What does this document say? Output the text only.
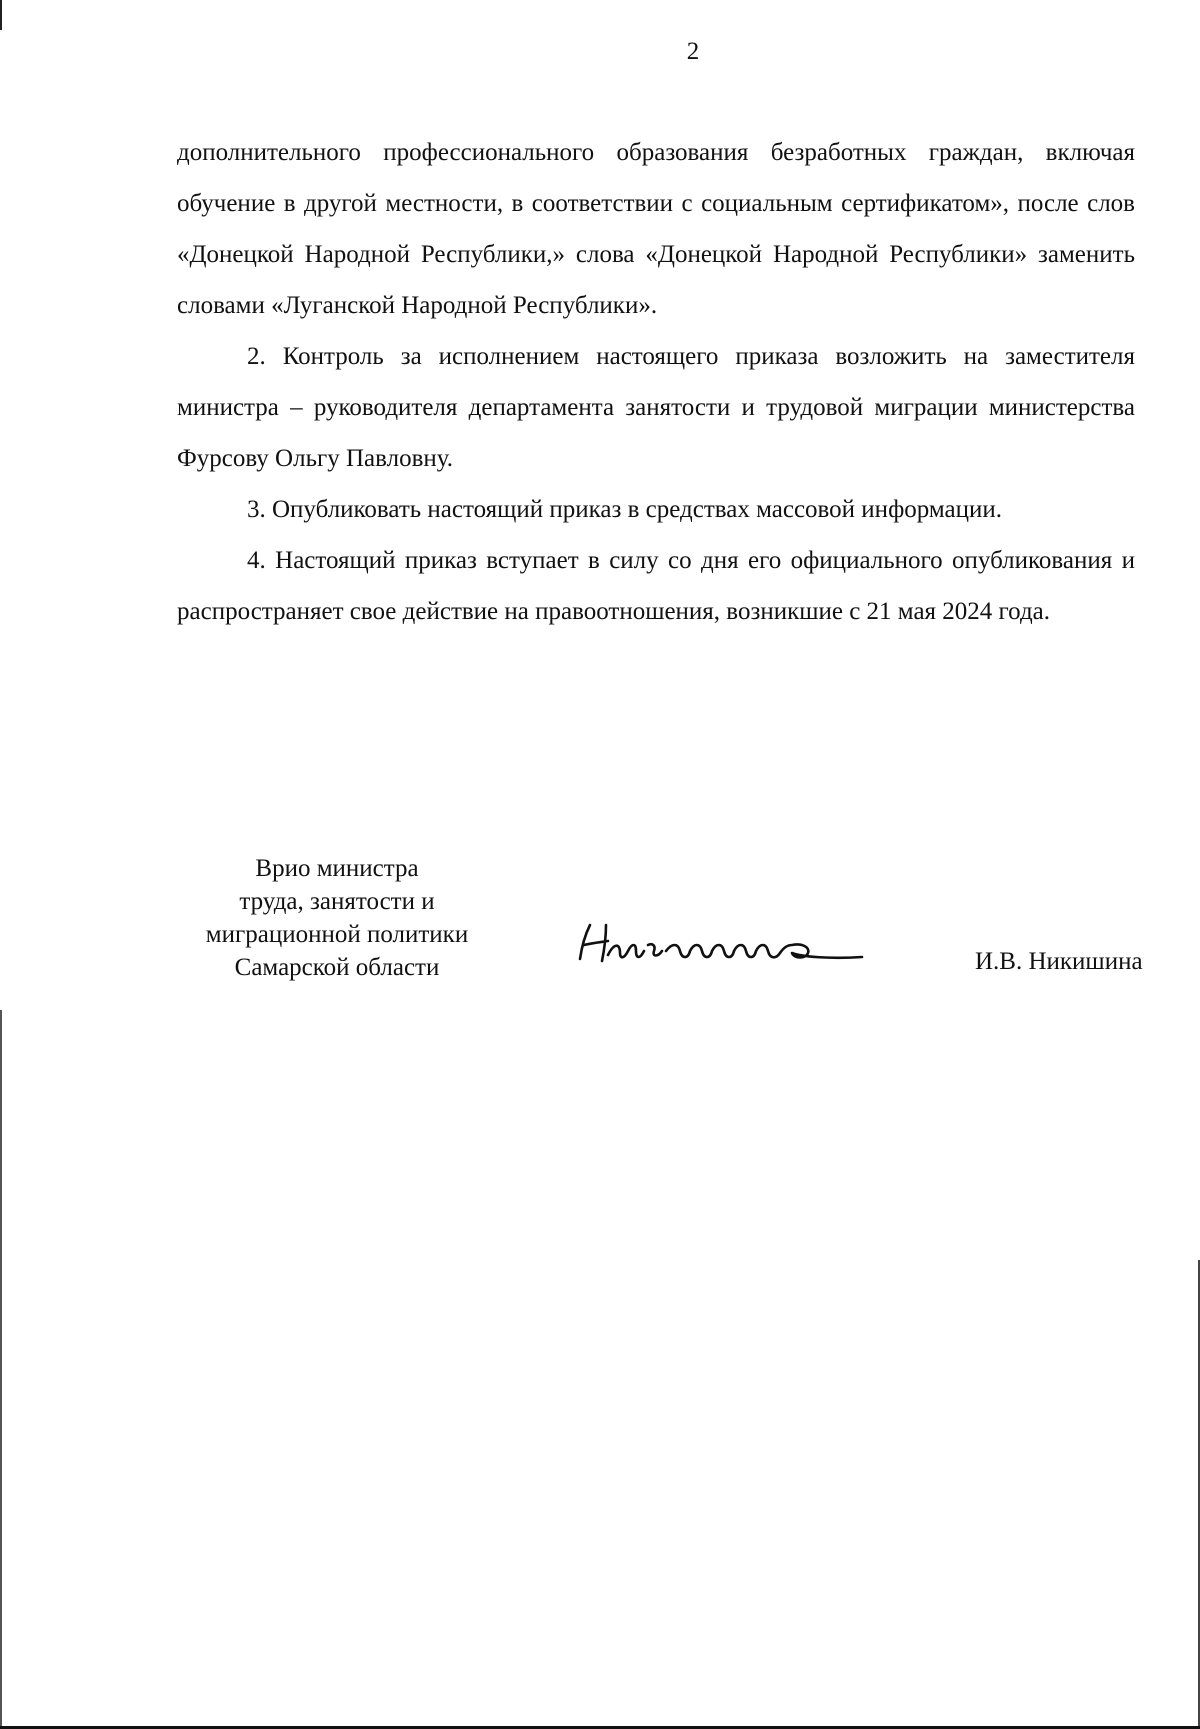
2

дополнительного профессионального образования безработных граждан, включая обучение в другой местности, в соответствии с социальным сертификатом», после слов «Донецкой Народной Республики,» слова «Донецкой Народной Республики» заменить словами «Луганской Народной Республики».

2. Контроль за исполнением настоящего приказа возложить на заместителя министра – руководителя департамента занятости и трудовой миграции министерства Фурсову Ольгу Павловну.

3. Опубликовать настоящий приказ в средствах массовой информации.

4. Настоящий приказ вступает в силу со дня его официального опубликования и распространяет свое действие на правоотношения, возникшие с 21 мая 2024 года.

Врио министра
труда, занятости и
миграционной политики
Самарской области	И.В. Никишина
